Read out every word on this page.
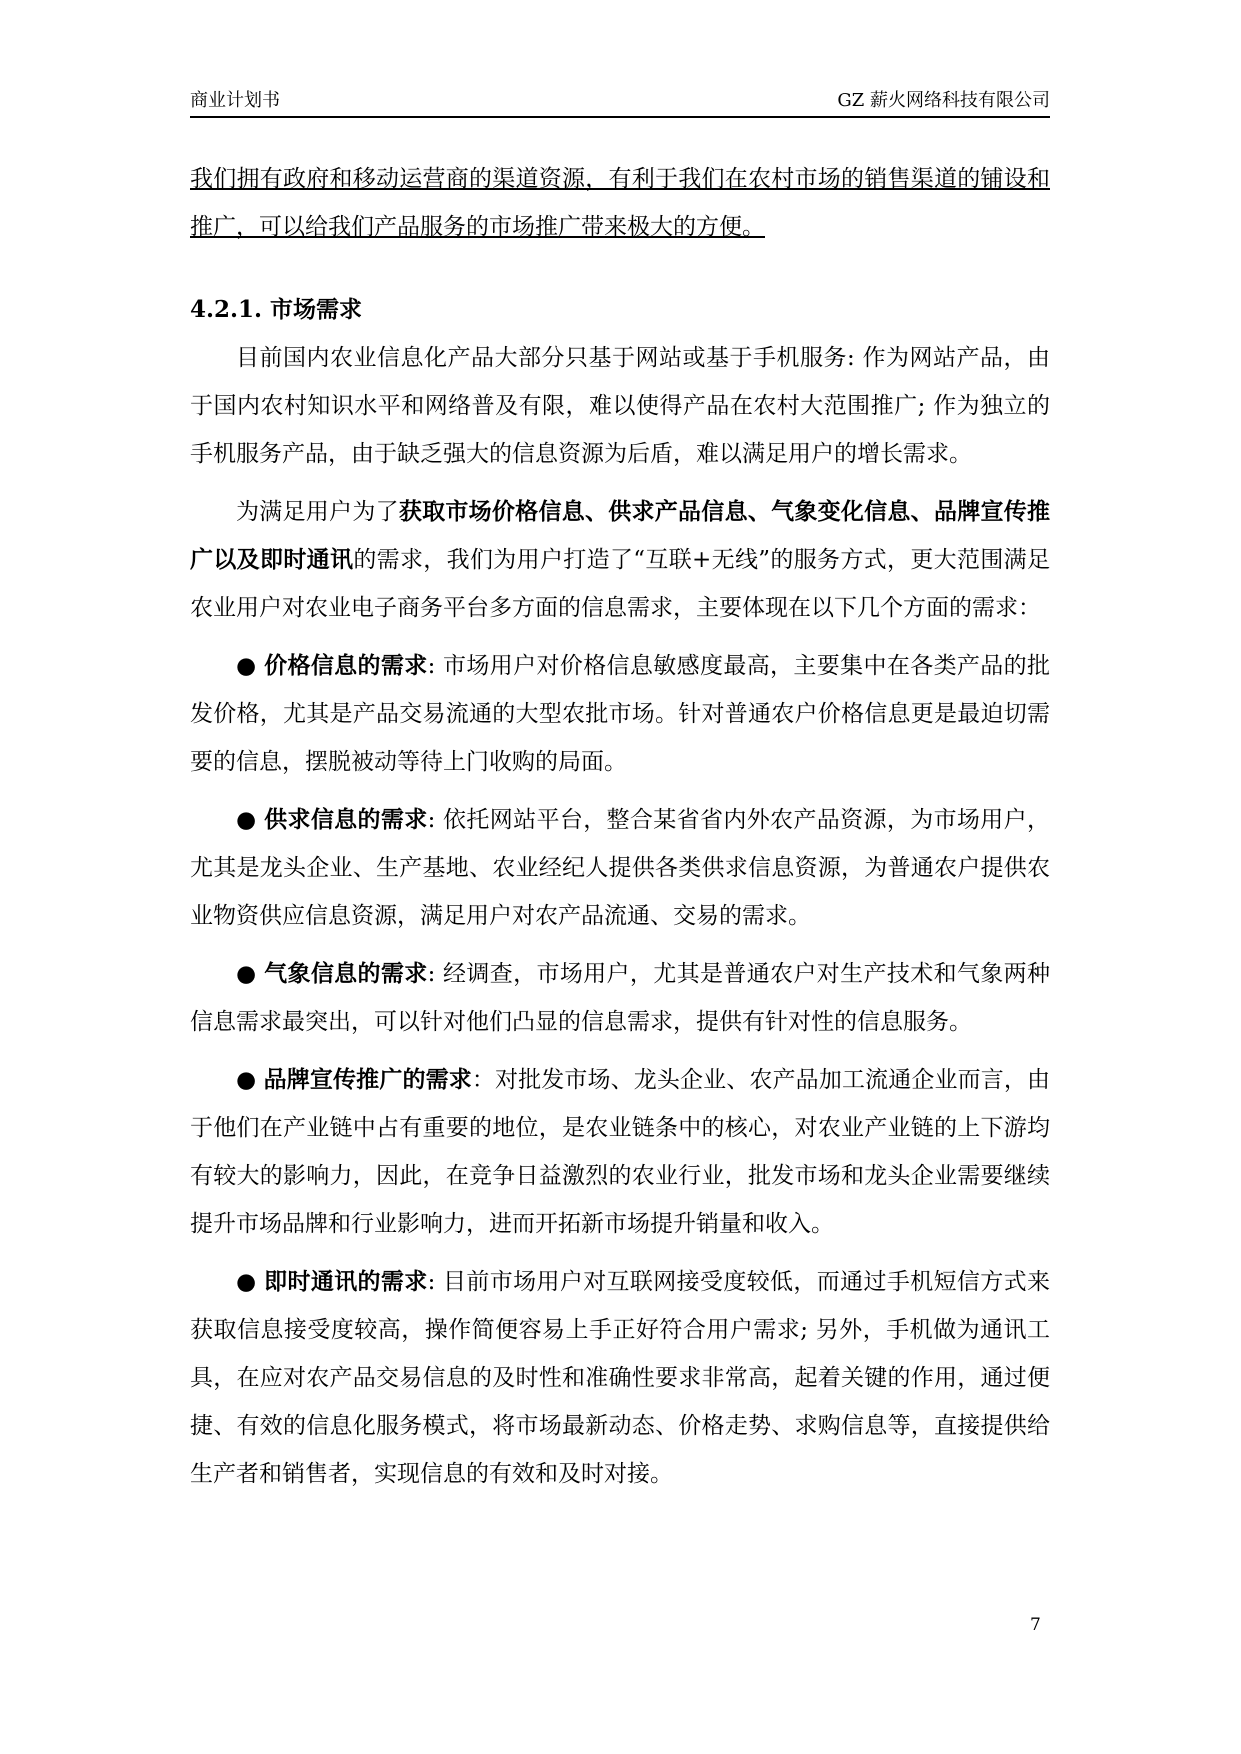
商业计划书	GZ 薪火网络科技有限公司
我们拥有政府和移动运营商的渠道资源，有利于我们在农村市场的销售渠道的铺设和推广，可以给我们产品服务的市场推广带来极大的方便。
4.2.1. 市场需求

目前国内农业信息化产品大部分只基于网站或基于手机服务: 作为网站产品，由于国内农村知识水平和网络普及有限，难以使得产品在农村大范围推广; 作为独立的手机服务产品，由于缺乏强大的信息资源为后盾，难以满足用户的增长需求。

为满足用户为了获取市场价格信息、供求产品信息、气象变化信息、品牌宣传推广以及即时通讯的需求，我们为用户打造了“互联+无线”的服务方式，更大范围满足农业用户对农业电子商务平台多方面的信息需求，主要体现在以下几个方面的需求：

● 价格信息的需求: 市场用户对价格信息敏感度最高，主要集中在各类产品的批发价格，尤其是产品交易流通的大型农批市场。针对普通农户价格信息更是最迫切需要的信息，摆脱被动等待上门收购的局面。

● 供求信息的需求: 依托网站平台，整合某省省内外农产品资源，为市场用户，尤其是龙头企业、生产基地、农业经纪人提供各类供求信息资源，为普通农户提供农业物资供应信息资源，满足用户对农产品流通、交易的需求。

● 气象信息的需求: 经调查，市场用户，尤其是普通农户对生产技术和气象两种信息需求最突出，可以针对他们凸显的信息需求，提供有针对性的信息服务。

● 品牌宣传推广的需求：对批发市场、龙头企业、农产品加工流通企业而言，由于他们在产业链中占有重要的地位，是农业链条中的核心，对农业产业链的上下游均有较大的影响力，因此，在竞争日益激烈的农业行业，批发市场和龙头企业需要继续提升市场品牌和行业影响力，进而开拓新市场提升销量和收入。

● 即时通讯的需求: 目前市场用户对互联网接受度较低，而通过手机短信方式来获取信息接受度较高，操作简便容易上手正好符合用户需求; 另外，手机做为通讯工具，在应对农产品交易信息的及时性和准确性要求非常高，起着关键的作用，通过便捷、有效的信息化服务模式，将市场最新动态、价格走势、求购信息等，直接提供给生产者和销售者，实现信息的有效和及时对接。

7
